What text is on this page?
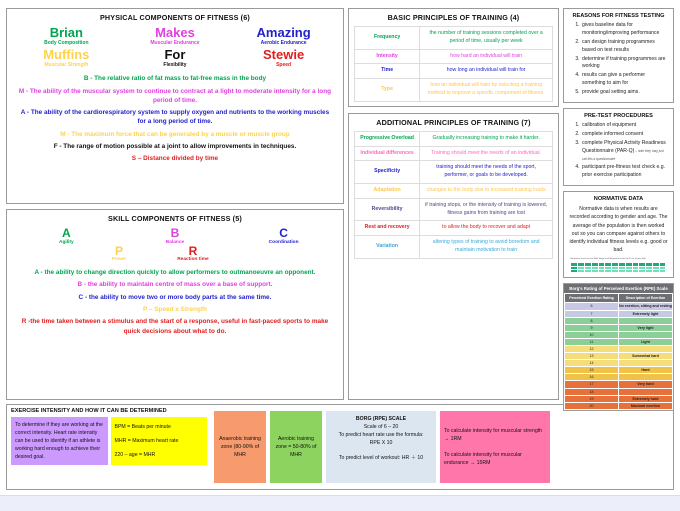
PHYSICAL COMPONENTS OF FITNESS (6)
Brian
Body Composition
Makes
Muscular Endurance
Amazing
Aerobic Endurance
Muffins
Muscular Strength
For
Flexibility
Stewie
Speed
B - The relative ratio of fat mass to fat-free mass in the body
M - The ability of the muscular system to continue to contract at a light to moderate intensity for a long period of time.
A - The ability of the cardiorespiratory system to supply oxygen and nutrients to the working muscles for a long period of time.
M - The maximum force that can be generated by a muscle or muscle group
F - The range of motion possible at a joint to allow improvements in techniques.
S – Distance divided by time
SKILL COMPONENTS OF FITNESS (5)
A
Agility
B
Balance
C
Coordination
P
Power
R
Reaction time
A - the ability to change direction quickly to allow performers to outmanoeuvre an opponent.
B - the ability to maintain centre of mass over a base of support.
C - the ability to move two or more body parts at the same time.
P – Speed x Strength
R -the time taken between a stimulus and the start of a response, useful in fast-paced sports to make quick decisions about what to do.
BASIC PRINCIPLES OF TRAINING (4)
Frequency	the number of training sessions completed over a period of time, usually per week
Intensity	how hard an individual will train
Time	how long an individual will train for
Type	how an individual will train by selecting a training method to improve a specific component of fitness.
ADDITIONAL PRINCIPLES OF TRAINING (7)
Progressive Overload	Gradually increasing training to make it harder.
Individual differences	Training should meet the needs of an individual.
Specificity	training should meet the needs of the sport, performer, or goals to be developed.
Adaptation	changes to the body due to increased training loads
Reversibility	if training stops, or the intensity of training is lowered, fitness gains from training are lost
Rest and recovery	to allow the body to recover and adapt
Variation	altering types of training to avoid boredom and maintain motivation to train
REASONS FOR FITNESS TESTING
1. gives baseline data for monitoring/improving performance
2. can design training programmes based on test results
3. determine if training programmes are working
4. results can give a performer something to aim for
5. provide goal setting aims.
PRE-TEST PROCEDURES
1. calibration of equipment
2. complete informed consent
3. complete Physical Activity Readiness Questionnaire (PAR-Q) – note they may just call this a questionnaire
4. participant pre-fitness test check e.g. prior exercise participation
NORMATIVE DATA
Normative data is when results are recorded according to gender and age. The average of the population is then worked out so you can compare against others to identify individual fitness levels e.g. good or bad.
Normative scores for the Multi Stage level Normative results for 15 to 16 year olds

Borg's Rating of Perceived Exertion (RPE) Scale
Perceived Exertion Rating	Description of Exertion
6	No exertion, sitting and resting
7	Extremely light
8	
9	Very light
10	
11	Light
12	
13	Somewhat hard
14	
15	Hard
16	
17	Very hard
18	
19	Extremely hard
20	Maximal exertion
EXERCISE INTENSITY AND HOW IT CAN BE DETERMINED
To determine if they are working at the correct intensity. Heart rate intensity can be used to identify if an athlete is working hard enough to achieve their desired goal.
BPM = Beats per minute
MHR = Maximum heart rate
220 – age = MHR
Anaerobic training zone (80-90% of MHR
Aerobic training zone = 50-80% of MHR
BORG (RPE) SCALE
Scale of 6 – 20
To predict heart rate use the formula:
RPE X 10
To predict level of workout: HR ＋ 10
To calculate intensity for muscular strength → 1RM
To calculate intensity for muscular endurance → 15RM
